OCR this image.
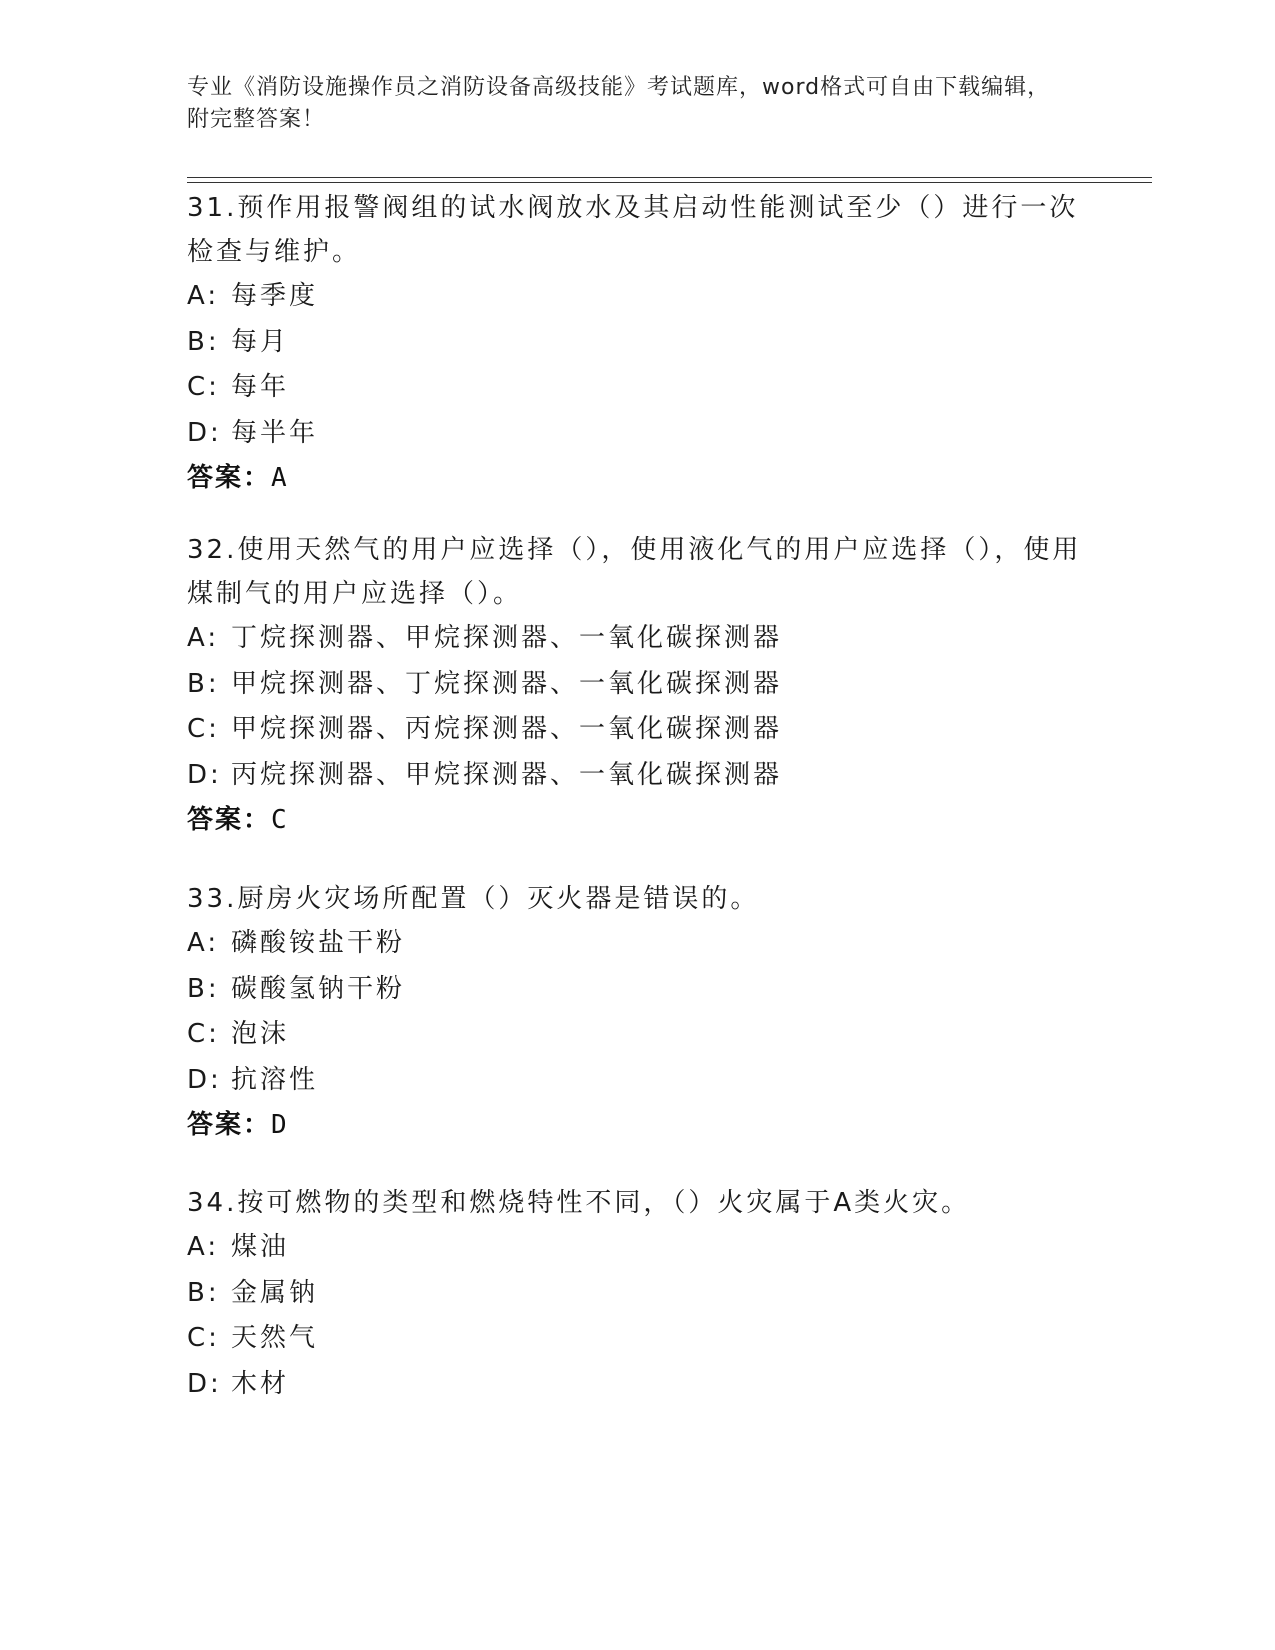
专业《消防设施操作员之消防设备高级技能》考试题库，word格式可自由下载编辑，附完整答案！

31.预作用报警阀组的试水阀放水及其启动性能测试至少（）进行一次检查与维护。

A: 每季度
B: 每月
C: 每年
D: 每半年
答案：A

32.使用天然气的用户应选择（），使用液化气的用户应选择（），使用煤制气的用户应选择（）。

A: 丁烷探测器、甲烷探测器、一氧化碳探测器
B: 甲烷探测器、丁烷探测器、一氧化碳探测器
C: 甲烷探测器、丙烷探测器、一氧化碳探测器
D: 丙烷探测器、甲烷探测器、一氧化碳探测器
答案：C

33.厨房火灾场所配置（）灭火器是错误的。

A: 磷酸铵盐干粉
B: 碳酸氢钠干粉
C: 泡沫
D: 抗溶性
答案：D

34.按可燃物的类型和燃烧特性不同，（）火灾属于A类火灾。

A: 煤油
B: 金属钠
C: 天然气
D: 木材
